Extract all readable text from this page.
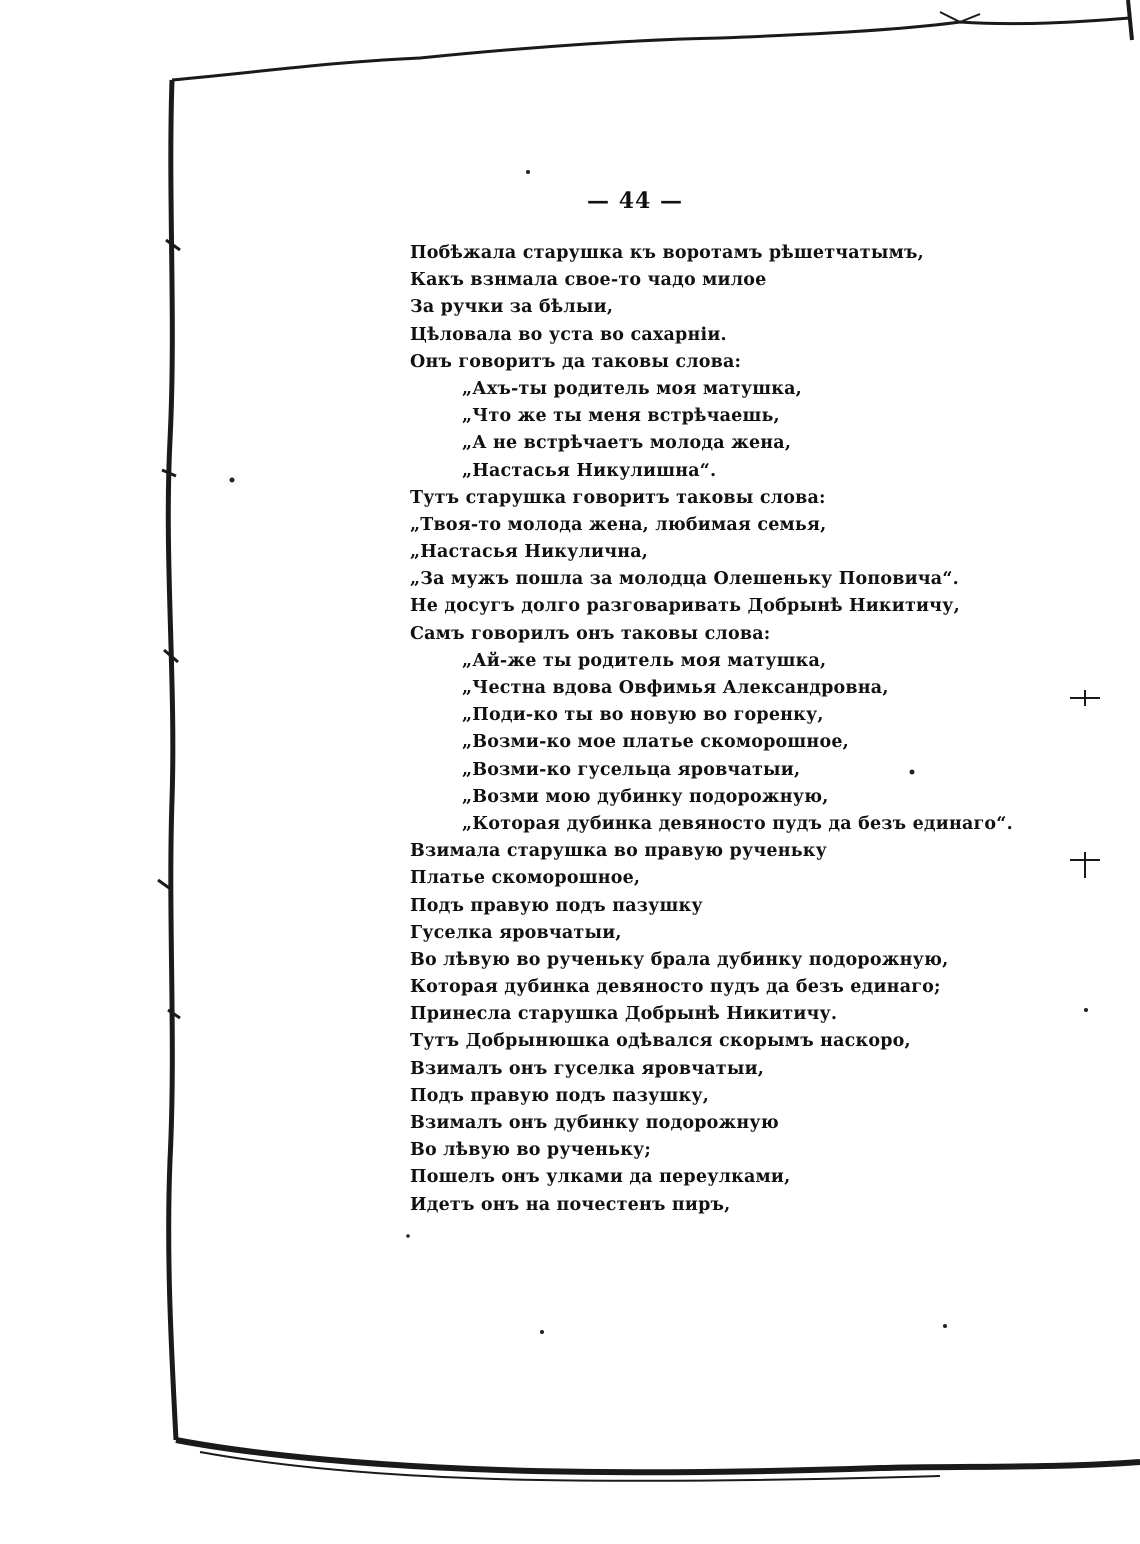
— 44 —
Побѣжала старушка къ воротамъ рѣшетчатымъ,
Какъ взнмала свое-то чадо милое
За ручки за бѣлыи,
Цѣловала во уста во сахарніи.
Онъ говоритъ да таковы слова:
„Ахъ-ты родитель моя матушка,
„Что же ты меня встрѣчаешь,
„А не встрѣчаетъ молода жена,
„Настасья Никулишна“.
Тутъ старушка говоритъ таковы слова:
„Твоя-то молода жена, любимая семья,
„Настасья Никулична,
„За мужъ пошла за молодца Олешеньку Поповича“.
Не досугъ долго разговаривать Добрынѣ Никитичу,
Самъ говорилъ онъ таковы слова:
„Ай-же ты родитель моя матушка,
„Честна вдова Овфимья Александровна,
„Поди-ко ты во новую во горенку,
„Возми-ко мое платье скоморошное,
„Возми-ко гусельца яровчатыи,
„Возми мою дубинку подорожную,
„Которая дубинка девяносто пудъ да безъ единаго“.
Взимала старушка во правую рученьку
Платье скоморошное,
Подъ правую подъ пазушку
Гуселка яровчатыи,
Во лѣвую во рученьку брала дубинку подорожную,
Которая дубинка девяносто пудъ да безъ единаго;
Принесла старушка Добрынѣ Никитичу.
Тутъ Добрынюшка одѣвался скорымъ наскоро,
Взималъ онъ гуселка яровчатыи,
Подъ правую подъ пазушку,
Взималъ онъ дубинку подорожную
Во лѣвую во рученьку;
Пошелъ онъ улками да переулками,
Идетъ онъ на почестенъ пиръ,
